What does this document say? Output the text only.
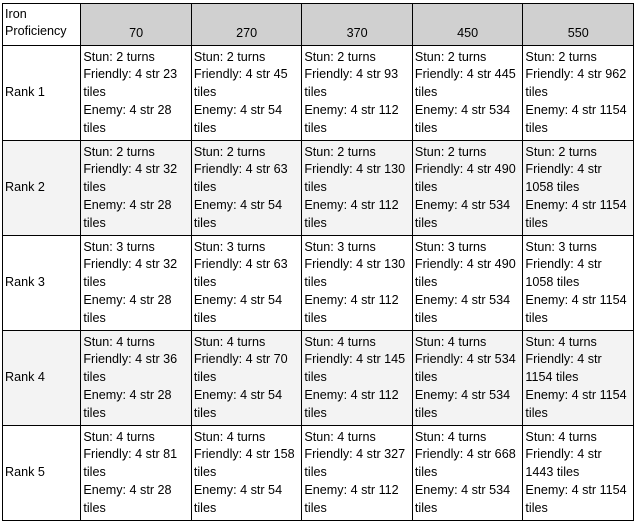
Iron Proficiency	70	270	370	450	550
Rank 1	Stun: 2 turns
Friendly: 4 str 23 tiles
Enemy: 4 str 28 tiles	Stun: 2 turns
Friendly: 4 str 45 tiles
Enemy: 4 str 54 tiles	Stun: 2 turns
Friendly: 4 str 93 tiles
Enemy: 4 str 112 tiles	Stun: 2 turns
Friendly: 4 str 445 tiles
Enemy: 4 str 534 tiles	Stun: 2 turns
Friendly: 4 str 962 tiles
Enemy: 4 str 1154 tiles

Rank 2	Stun: 2 turns
Friendly: 4 str 32 tiles
Enemy: 4 str 28 tiles	Stun: 2 turns
Friendly: 4 str 63 tiles
Enemy: 4 str 54 tiles	Stun: 2 turns
Friendly: 4 str 130 tiles
Enemy: 4 str 112 tiles	Stun: 2 turns
Friendly: 4 str 490 tiles
Enemy: 4 str 534 tiles	Stun: 2 turns
Friendly: 4 str 1058 tiles
Enemy: 4 str 1154 tiles

Rank 3	Stun: 3 turns
Friendly: 4 str 32 tiles
Enemy: 4 str 28 tiles	Stun: 3 turns
Friendly: 4 str 63 tiles
Enemy: 4 str 54 tiles	Stun: 3 turns
Friendly: 4 str 130 tiles
Enemy: 4 str 112 tiles	Stun: 3 turns
Friendly: 4 str 490 tiles
Enemy: 4 str 534 tiles	Stun: 3 turns
Friendly: 4 str 1058 tiles
Enemy: 4 str 1154 tiles

Rank 4	Stun: 4 turns
Friendly: 4 str 36 tiles
Enemy: 4 str 28 tiles	Stun: 4 turns
Friendly: 4 str 70 tiles
Enemy: 4 str 54 tiles	Stun: 4 turns
Friendly: 4 str 145 tiles
Enemy: 4 str 112 tiles	Stun: 4 turns
Friendly: 4 str 534 tiles
Enemy: 4 str 534 tiles	Stun: 4 turns
Friendly: 4 str 1154 tiles
Enemy: 4 str 1154 tiles

Rank 5	Stun: 4 turns
Friendly: 4 str 81 tiles
Enemy: 4 str 28 tiles	Stun: 4 turns
Friendly: 4 str 158 tiles
Enemy: 4 str 54 tiles	Stun: 4 turns
Friendly: 4 str 327 tiles
Enemy: 4 str 112 tiles	Stun: 4 turns
Friendly: 4 str 668 tiles
Enemy: 4 str 534 tiles	Stun: 4 turns
Friendly: 4 str 1443 tiles
Enemy: 4 str 1154 tiles
